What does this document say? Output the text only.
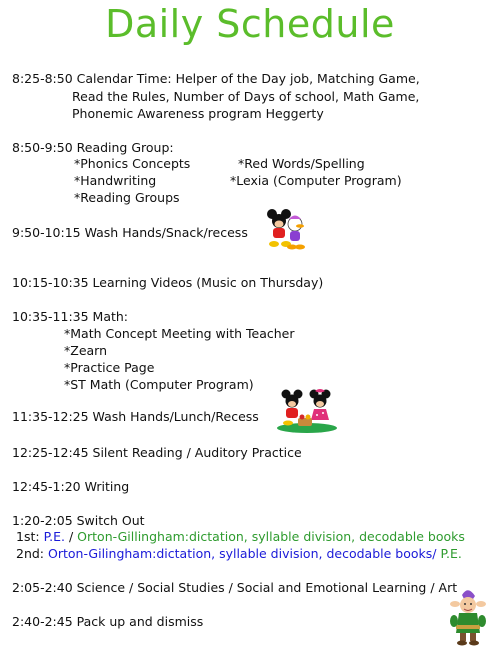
Daily Schedule
8:25-8:50 Calendar Time: Helper of the Day job, Matching Game,
Read the Rules, Number of Days of school, Math Game,
Phonemic Awareness program Heggerty
8:50-9:50 Reading Group:
*Phonics Concepts	*Red Words/Spelling
*Handwriting	*Lexia (Computer Program)
*Reading Groups
9:50-10:15 Wash Hands/Snack/recess
10:15-10:35 Learning Videos (Music on Thursday)
10:35-11:35 Math:
*Math Concept Meeting with Teacher
*Zearn
*Practice Page
*ST Math (Computer Program)
11:35-12:25 Wash Hands/Lunch/Recess
12:25-12:45 Silent Reading / Auditory Practice
12:45-1:20 Writing
1:20-2:05 Switch Out
1st: P.E. / Orton-Gillingham:dictation, syllable division, decodable books
2nd: Orton-Gilingham:dictation, syllable division, decodable books/ P.E.
2:05-2:40 Science / Social Studies / Social and Emotional Learning / Art
2:40-2:45 Pack up and dismiss
